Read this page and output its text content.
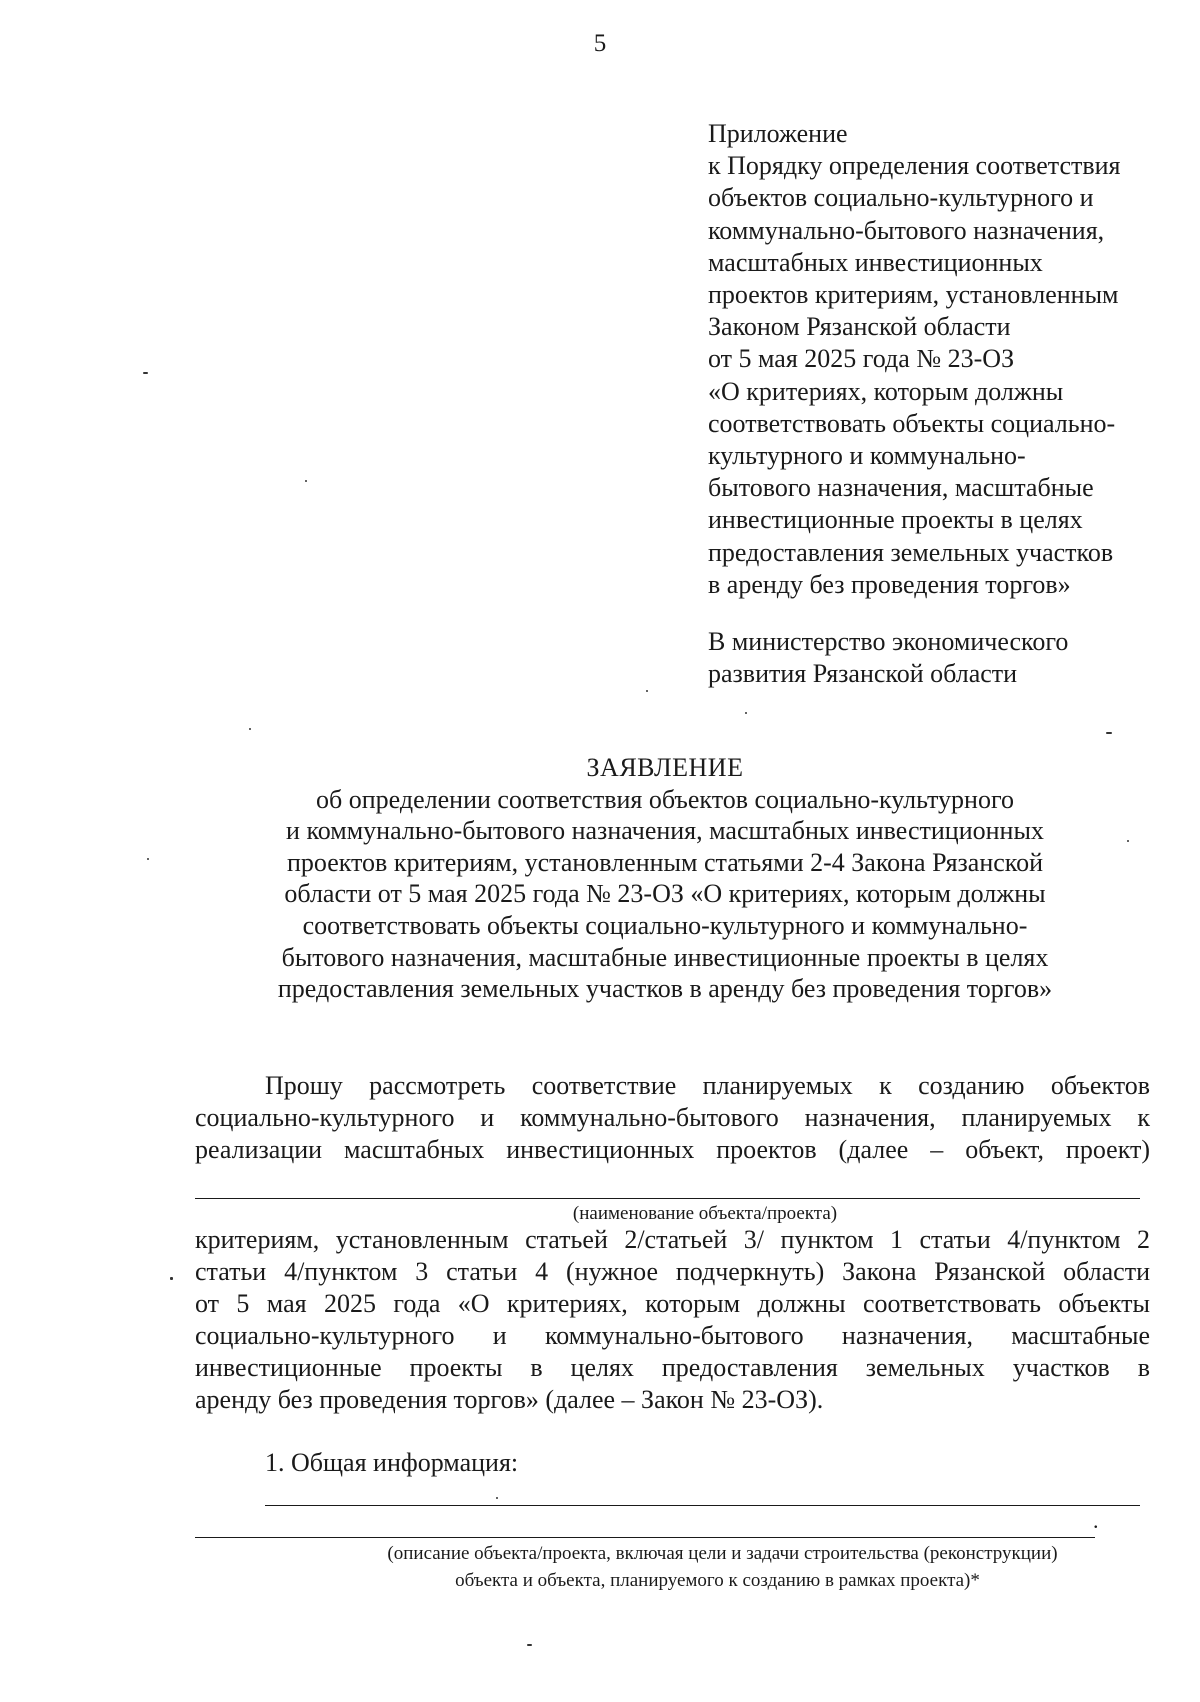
5
Приложение
к Порядку определения соответствия
объектов социально-культурного и
коммунально-бытового назначения,
масштабных инвестиционных
проектов критериям, установленным
Законом Рязанской области
от 5 мая 2025 года № 23-ОЗ
«О критериях, которым должны
соответствовать объекты социально-
культурного и коммунально-
бытового назначения, масштабные
инвестиционные проекты в целях
предоставления земельных участков
в аренду без проведения торгов»
В министерство экономического
развития Рязанской области
ЗАЯВЛЕНИЕ
об определении соответствия объектов социально-культурного
и коммунально-бытового назначения, масштабных инвестиционных
проектов критериям, установленным статьями 2-4 Закона Рязанской
области от 5 мая 2025 года № 23-ОЗ «О критериях, которым должны
соответствовать объекты социально-культурного и коммунально-
бытового назначения, масштабные инвестиционные проекты в целях
предоставления земельных участков в аренду без проведения торгов»
Прошу рассмотреть соответствие планируемых к созданию объектов
социально-культурного и коммунально-бытового назначения, планируемых к
реализации масштабных инвестиционных проектов (далее – объект, проект)
(наименование объекта/проекта)
критериям, установленным статьей 2/статьей 3/ пунктом 1 статьи 4/пунктом 2
статьи 4/пунктом 3 статьи 4 (нужное подчеркнуть) Закона Рязанской области
от 5 мая 2025 года «О критериях, которым должны соответствовать объекты
социально-культурного и коммунально-бытового назначения, масштабные
инвестиционные проекты в целях предоставления земельных участков в
аренду без проведения торгов» (далее – Закон № 23-ОЗ).
1. Общая информация:
.
(описание объекта/проекта, включая цели и задачи строительства (реконструкции)
объекта и объекта, планируемого к созданию в рамках проекта)*
